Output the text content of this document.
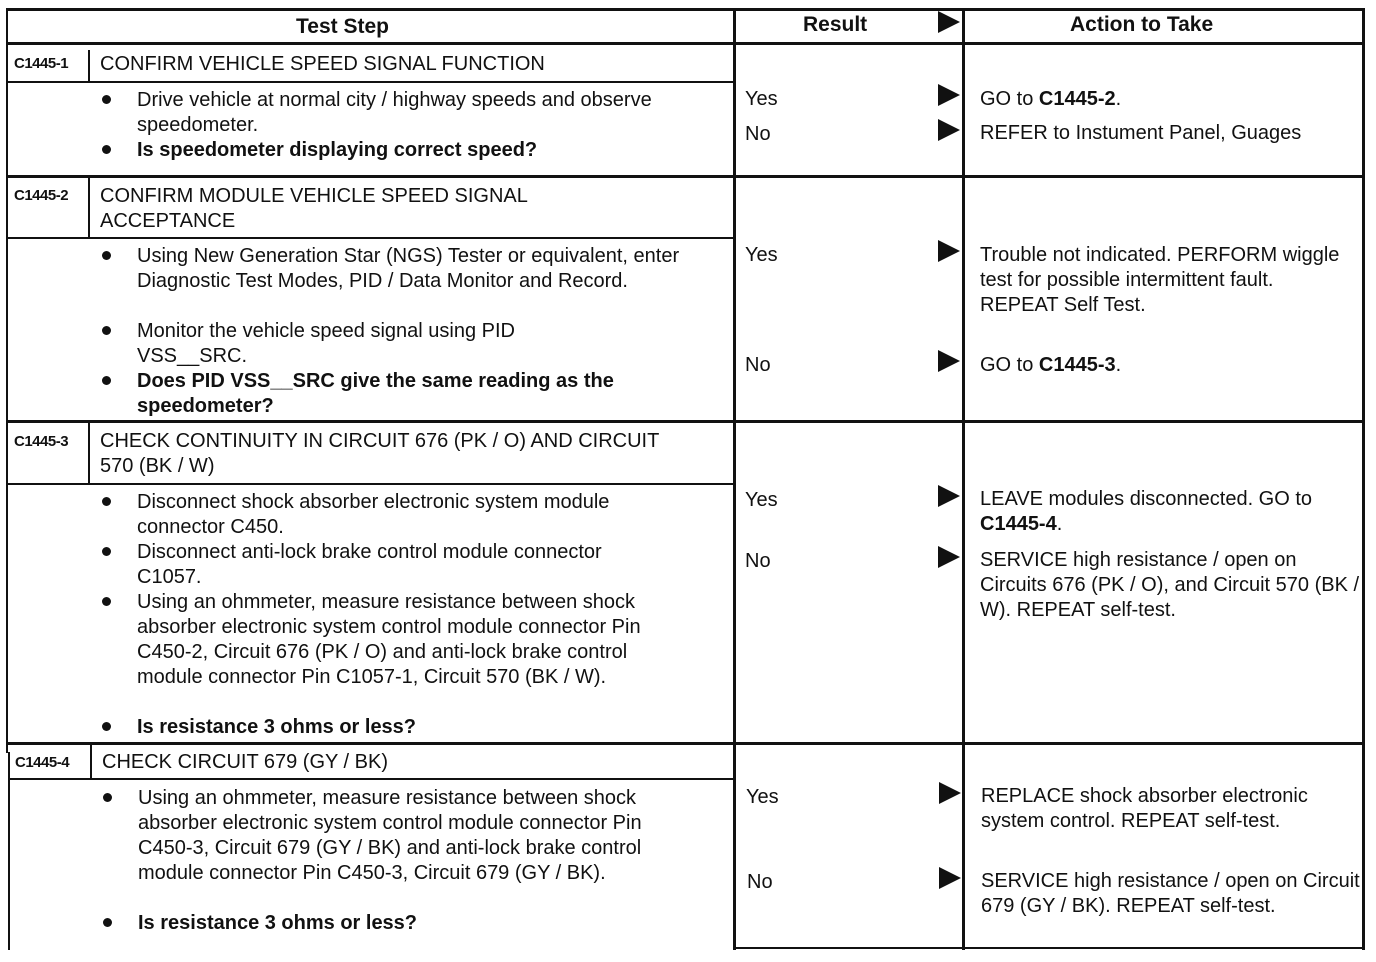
Test Step	Result	Action to Take
C1445-1 CONFIRM VEHICLE SPEED SIGNAL FUNCTION
Drive vehicle at normal city / highway speeds and observe speedometer.
Is speedometer displaying correct speed?
Yes	GO to C1445-2.
No	REFER to Instument Panel, Guages
C1445-2 CONFIRM MODULE VEHICLE SPEED SIGNAL ACCEPTANCE
Using New Generation Star (NGS) Tester or equivalent, enter Diagnostic Test Modes, PID / Data Monitor and Record.
Monitor the vehicle speed signal using PID VSS__SRC.
Does PID VSS__SRC give the same reading as the speedometer?
Yes	Trouble not indicated. PERFORM wiggle test for possible intermittent fault. REPEAT Self Test.
No	GO to C1445-3.
C1445-3 CHECK CONTINUITY IN CIRCUIT 676 (PK / O) AND CIRCUIT 570 (BK / W)
Disconnect shock absorber electronic system module connector C450.
Disconnect anti-lock brake control module connector C1057.
Using an ohmmeter, measure resistance between shock absorber electronic system control module connector Pin C450-2, Circuit 676 (PK / O) and anti-lock brake control module connector Pin C1057-1, Circuit 570 (BK / W).
Is resistance 3 ohms or less?
Yes	LEAVE modules disconnected. GO to C1445-4.
No	SERVICE high resistance / open on Circuits 676 (PK / O), and Circuit 570 (BK / W). REPEAT self-test.
C1445-4 CHECK CIRCUIT 679 (GY / BK)
Using an ohmmeter, measure resistance between shock absorber electronic system control module connector Pin C450-3, Circuit 679 (GY / BK) and anti-lock brake control module connector Pin C450-3, Circuit 679 (GY / BK).
Is resistance 3 ohms or less?
Yes	REPLACE shock absorber electronic system control. REPEAT self-test.
No	SERVICE high resistance / open on Circuit 679 (GY / BK). REPEAT self-test.
